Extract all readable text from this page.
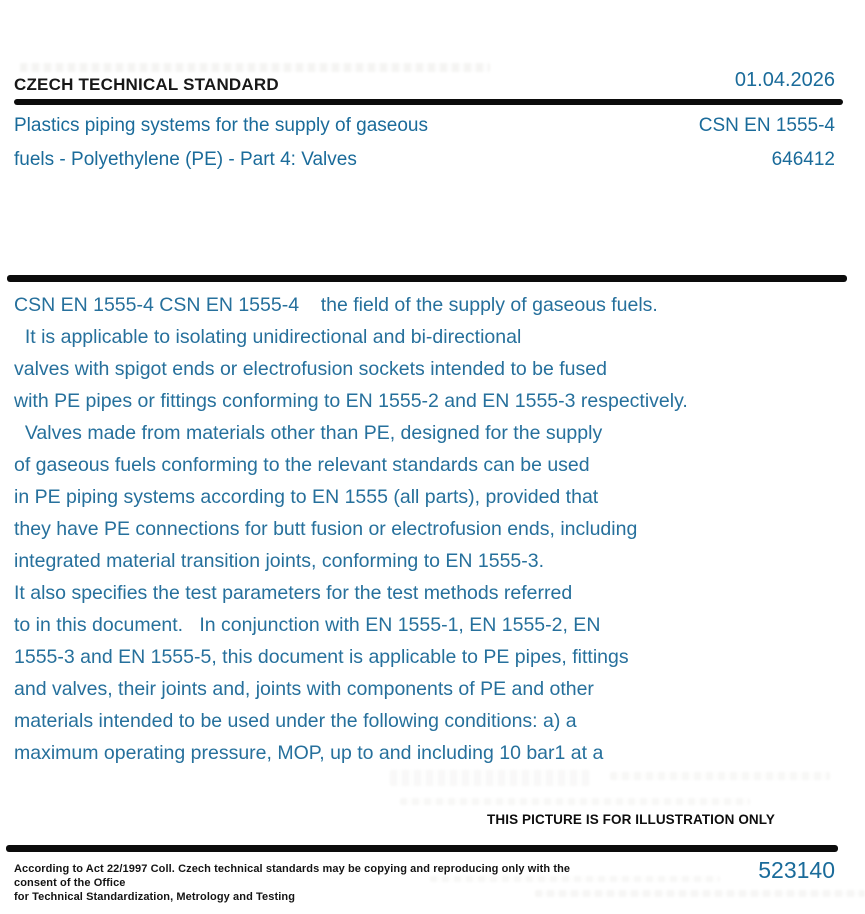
CZECH TECHNICAL STANDARD	01.04.2026
Plastics piping systems for the supply of gaseous
fuels - Polyethylene (PE) - Part 4: Valves
CSN EN 1555-4
646412
CSN EN 1555-4 CSN EN 1555-4    the field of the supply of gaseous fuels.
It is applicable to isolating unidirectional and bi-directional
valves with spigot ends or electrofusion sockets intended to be fused
with PE pipes or fittings conforming to EN 1555-2 and EN 1555-3 respectively.
Valves made from materials other than PE, designed for the supply
of gaseous fuels conforming to the relevant standards can be used
in PE piping systems according to EN 1555 (all parts), provided that
they have PE connections for butt fusion or electrofusion ends, including
integrated material transition joints, conforming to EN 1555-3.
It also specifies the test parameters for the test methods referred
to in this document.   In conjunction with EN 1555-1, EN 1555-2, EN
1555-3 and EN 1555-5, this document is applicable to PE pipes, fittings
and valves, their joints and, joints with components of PE and other
materials intended to be used under the following conditions: a) a
maximum operating pressure, MOP, up to and including 10 bar1 at a
THIS PICTURE IS FOR ILLUSTRATION ONLY
According to Act 22/1997 Coll. Czech technical standards may be copying and reproducing only with the consent of the Office
for Technical Standardization, Metrology and Testing
523140
